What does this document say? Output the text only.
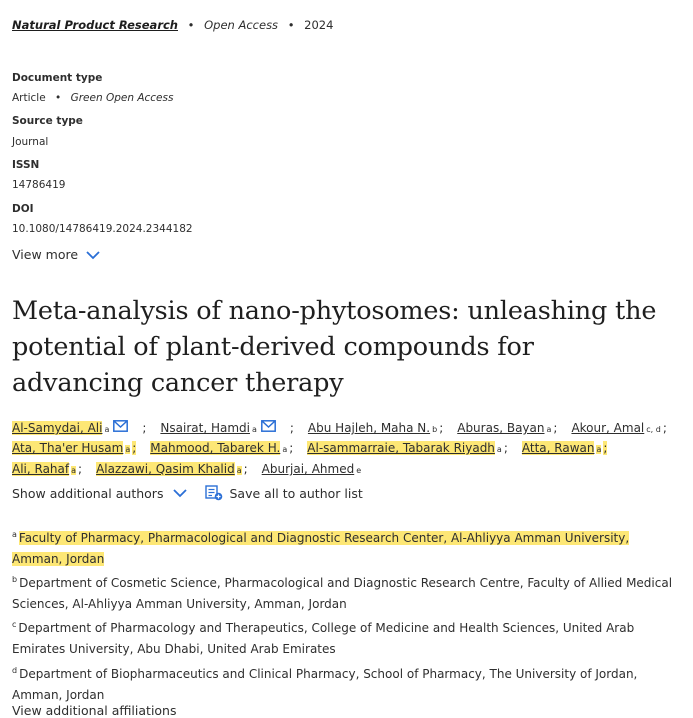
Natural Product Research • Open Access • 2024
Document type
Article • Green Open Access
Source type
Journal
ISSN
14786419
DOI
10.1080/14786419.2024.2344182
View more
Meta-analysis of nano-phytosomes: unleashing the potential of plant-derived compounds for advancing cancer therapy
Al-Samydai, Ali a	; Nsairat, Hamdi a	; Abu Hajleh, Maha N. b ; Aburas, Bayan a ; Akour, Amal c, d ;
Ata, Tha'er Husam a ; Mahmood, Tabarek H. a ; Al-sammarraie, Tabarak Riyadh a ; Atta, Rawan a ;
Ali, Rahaf a ; Alazzawi, Qasim Khalid a ; Aburjai, Ahmed e
Show additional authors	Save all to author list
$^a$ Faculty of Pharmacy, Pharmacological and Diagnostic Research Center, Al-Ahliyya Amman University, Amman, Jordan
$^b$ Department of Cosmetic Science, Pharmacological and Diagnostic Research Centre, Faculty of Allied Medical Sciences, Al-Ahliyya Amman University, Amman, Jordan
$^c$ Department of Pharmacology and Therapeutics, College of Medicine and Health Sciences, United Arab Emirates University, Abu Dhabi, United Arab Emirates
$^d$ Department of Biopharmaceutics and Clinical Pharmacy, School of Pharmacy, The University of Jordan, Amman, Jordan
View additional affiliations
